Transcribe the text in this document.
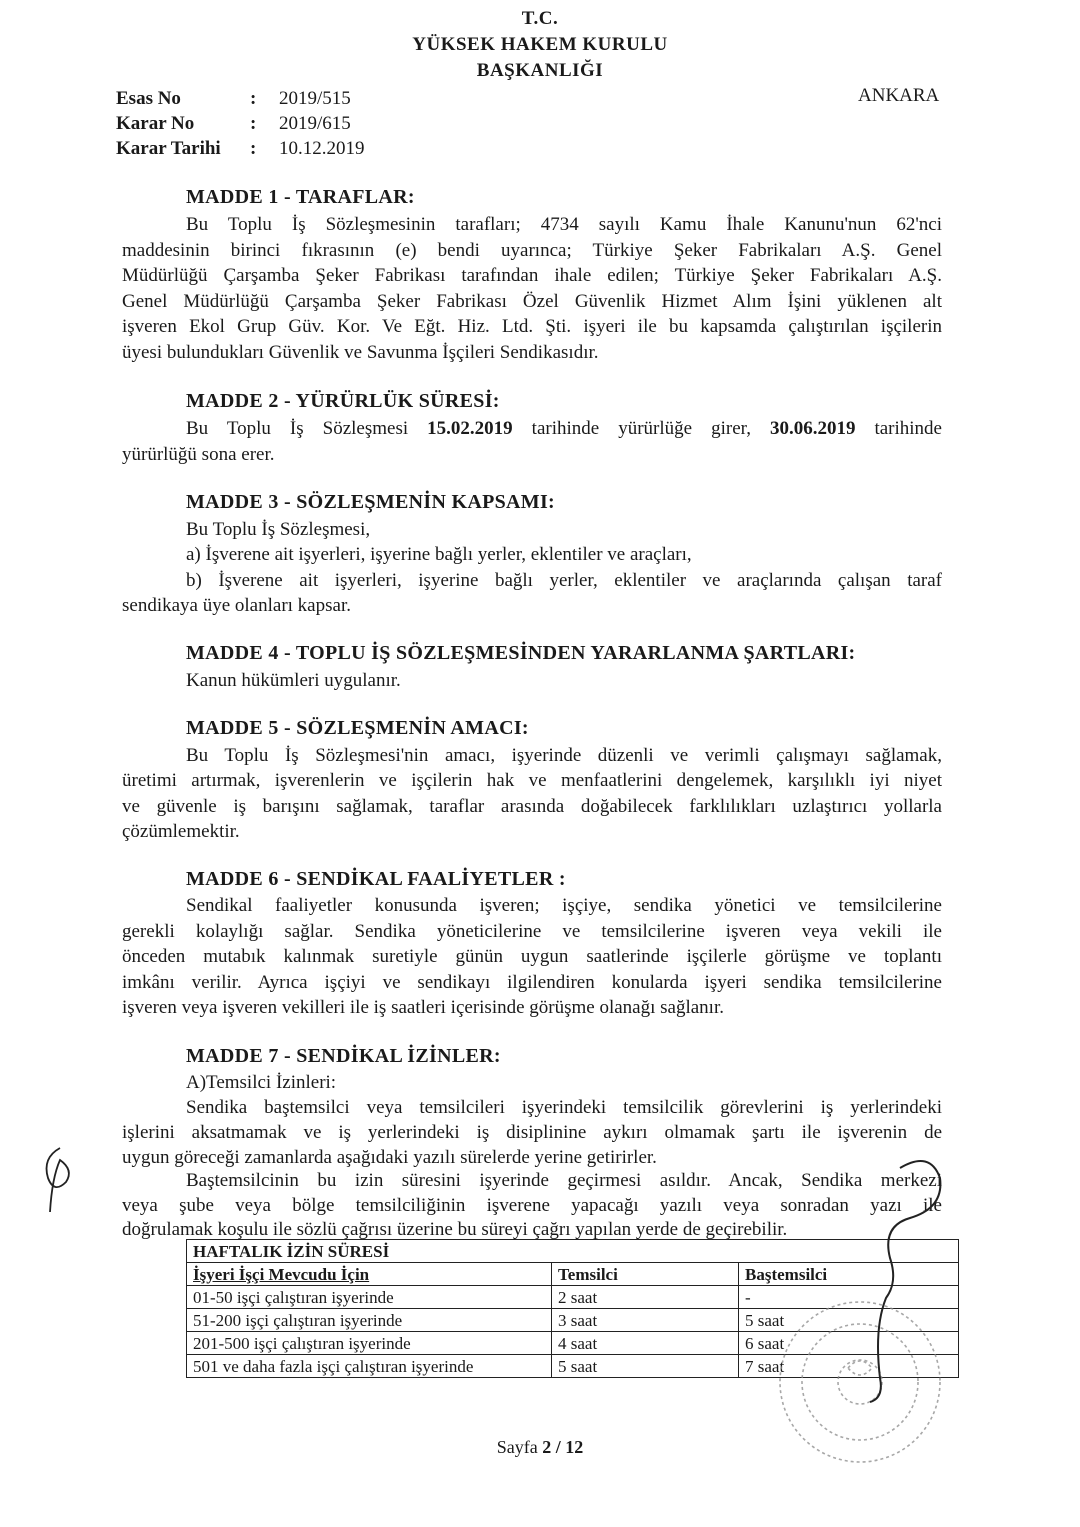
T.C.
YÜKSEK HAKEM KURULU
BAŞKANLIĞI
ANKARA
Esas No	: 2019/515
Karar No	: 2019/615
Karar Tarihi : 10.12.2019
MADDE 1 - TARAFLAR:
Bu Toplu İş Sözleşmesinin tarafları; 4734 sayılı Kamu İhale Kanunu'nun 62'nci
maddesinin birinci fıkrasının (e) bendi uyarınca; Türkiye Şeker Fabrikaları A.Ş. Genel
Müdürlüğü Çarşamba Şeker Fabrikası tarafından ihale edilen; Türkiye Şeker Fabrikaları A.Ş.
Genel Müdürlüğü Çarşamba Şeker Fabrikası Özel Güvenlik Hizmet Alım İşini yüklenen alt
işveren Ekol Grup Güv. Kor. Ve Eğt. Hiz. Ltd. Şti. işyeri ile bu kapsamda çalıştırılan işçilerin
üyesi bulundukları Güvenlik ve Savunma İşçileri Sendikasıdır.
MADDE 2 - YÜRÜRLÜK SÜRESİ:
Bu Toplu İş Sözleşmesi 15.02.2019 tarihinde yürürlüğe girer, 30.06.2019 tarihinde
yürürlüğü sona erer.
MADDE 3 - SÖZLEŞMENİN KAPSAMI:
Bu Toplu İş Sözleşmesi,
a) İşverene ait işyerleri, işyerine bağlı yerler, eklentiler ve araçları,
b) İşverene ait işyerleri, işyerine bağlı yerler, eklentiler ve araçlarında çalışan taraf
sendikaya üye olanları kapsar.
MADDE 4 - TOPLU İŞ SÖZLEŞMESİNDEN YARARLANMA ŞARTLARI:
Kanun hükümleri uygulanır.
MADDE 5 - SÖZLEŞMENİN AMACI:
Bu Toplu İş Sözleşmesi'nin amacı, işyerinde düzenli ve verimli çalışmayı sağlamak,
üretimi artırmak, işverenlerin ve işçilerin hak ve menfaatlerini dengelemek, karşılıklı iyi niyet
ve güvenle iş barışını sağlamak, taraflar arasında doğabilecek farklılıkları uzlaştırıcı yollarla
çözümlemektir.
MADDE 6 - SENDİKAL FAALİYETLER :
Sendikal faaliyetler konusunda işveren; işçiye, sendika yönetici ve temsilcilerine
gerekli kolaylığı sağlar. Sendika yöneticilerine ve temsilcilerine işveren veya vekili ile
önceden mutabık kalınmak suretiyle günün uygun saatlerinde işçilerle görüşme ve toplantı
imkânı verilir. Ayrıca işçiyi ve sendikayı ilgilendiren konularda işyeri sendika temsilcilerine
işveren veya işveren vekilleri ile iş saatleri içerisinde görüşme olanağı sağlanır.
MADDE 7 - SENDİKAL İZİNLER:
A)Temsilci İzinleri:
Sendika baştemsilci veya temsilcileri işyerindeki temsilcilik görevlerini iş yerlerindeki
işlerini aksatmamak ve iş yerlerindeki iş disiplinine aykırı olmamak şartı ile işverenin de
uygun göreceği zamanlarda aşağıdaki yazılı sürelerde yerine getirirler.
Baştemsilcinin bu izin süresini işyerinde geçirmesi asıldır. Ancak, Sendika merkezi
veya şube veya bölge temsilciliğinin işverene yapacağı yazılı veya sonradan yazı ile
doğrulamak koşulu ile sözlü çağrısı üzerine bu süreyi çağrı yapılan yerde de geçirebilir.
HAFTALIK İZİN SÜRESİ		
İşyeri İşçi Mevcudu İçin	Temsilci	Baştemsilci
01-50 işçi çalıştıran işyerinde	2 saat	-
51-200 işçi çalıştıran işyerinde	3 saat	5 saat
201-500 işçi çalıştıran işyerinde	4 saat	6 saat
501 ve daha fazla işçi çalıştıran işyerinde	5 saat	7 saat
Sayfa 2 / 12
